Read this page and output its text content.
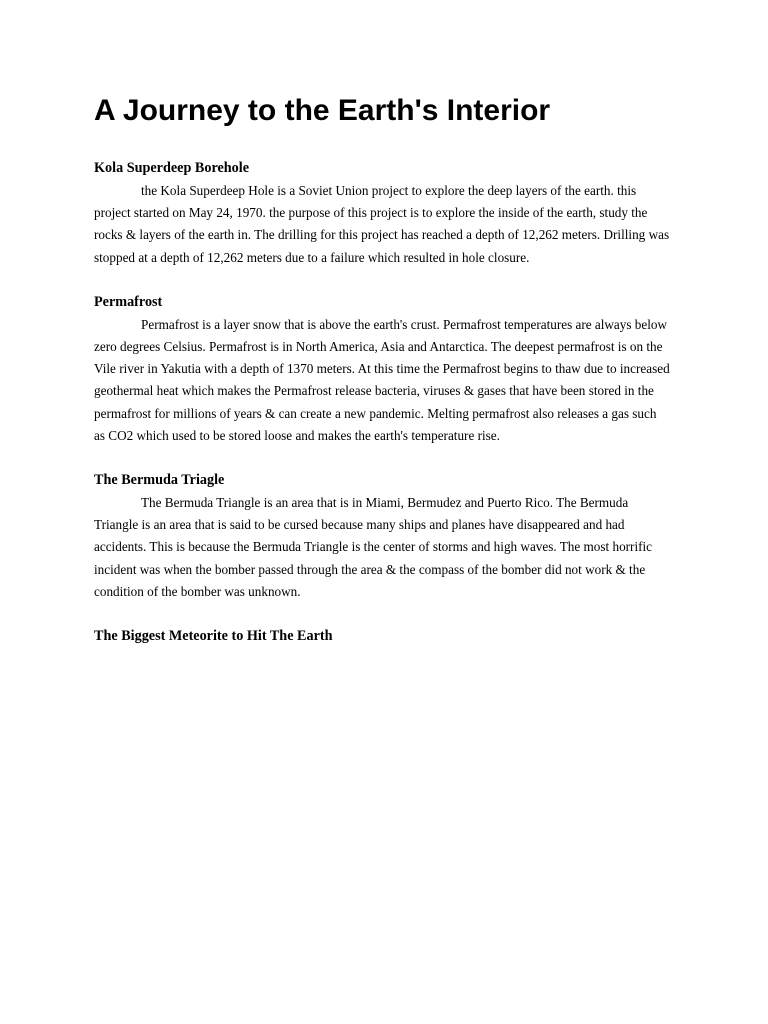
A Journey to the Earth's Interior
Kola Superdeep Borehole

the Kola Superdeep Hole is a Soviet Union project to explore the deep layers of the earth. this project started on May 24, 1970. the purpose of this project is to explore the inside of the earth, study the rocks & layers of the earth in. The drilling for this project has reached a depth of 12,262 meters. Drilling was stopped at a depth of 12,262 meters due to a failure which resulted in hole closure.

Permafrost

Permafrost is a layer snow that is above the earth's crust. Permafrost temperatures are always below zero degrees Celsius. Permafrost is in North America, Asia and Antarctica. The deepest permafrost is on the Vile river in Yakutia with a depth of 1370 meters. At this time the Permafrost begins to thaw due to increased geothermal heat which makes the Permafrost release bacteria, viruses & gases that have been stored in the permafrost for millions of years & can create a new pandemic. Melting permafrost also releases a gas such as CO2 which used to be stored loose and makes the earth's temperature rise.

The Bermuda Triagle

The Bermuda Triangle is an area that is in Miami, Bermudez and Puerto Rico. The Bermuda Triangle is an area that is said to be cursed because many ships and planes have disappeared and had accidents. This is because the Bermuda Triangle is the center of storms and high waves. The most horrific incident was when the bomber passed through the area & the compass of the bomber did not work & the condition of the bomber was unknown.

The Biggest Meteorite to Hit The Earth
